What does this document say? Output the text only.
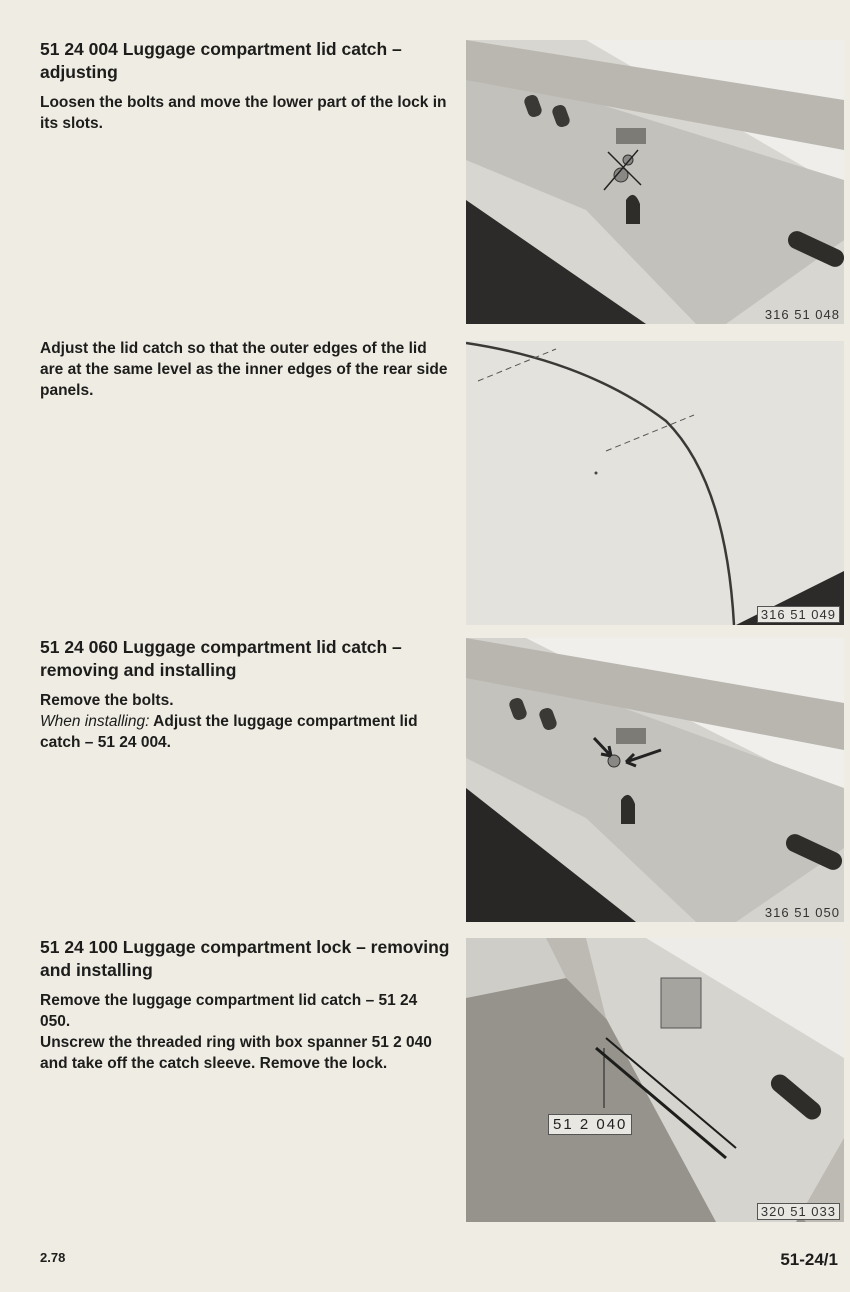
51 24 004 Luggage compartment lid catch – adjusting

Loosen the bolts and move the lower part of the lock in its slots.

Adjust the lid catch so that the outer edges of the lid are at the same level as the inner edges of the rear side panels.

51 24 060 Luggage compartment lid catch – removing and installing

Remove the bolts.
When installing: Adjust the luggage compartment lid catch – 51 24 004.

51 24 100 Luggage compartment lock – removing and installing

Remove the luggage compartment lid catch – 51 24 050.
Unscrew the threaded ring with box spanner 51 2 040 and take off the catch sleeve. Remove the lock.

316 51 048
316 51 049
316 51 050
51 2 040
320 51 033
2.78	51-24/1
